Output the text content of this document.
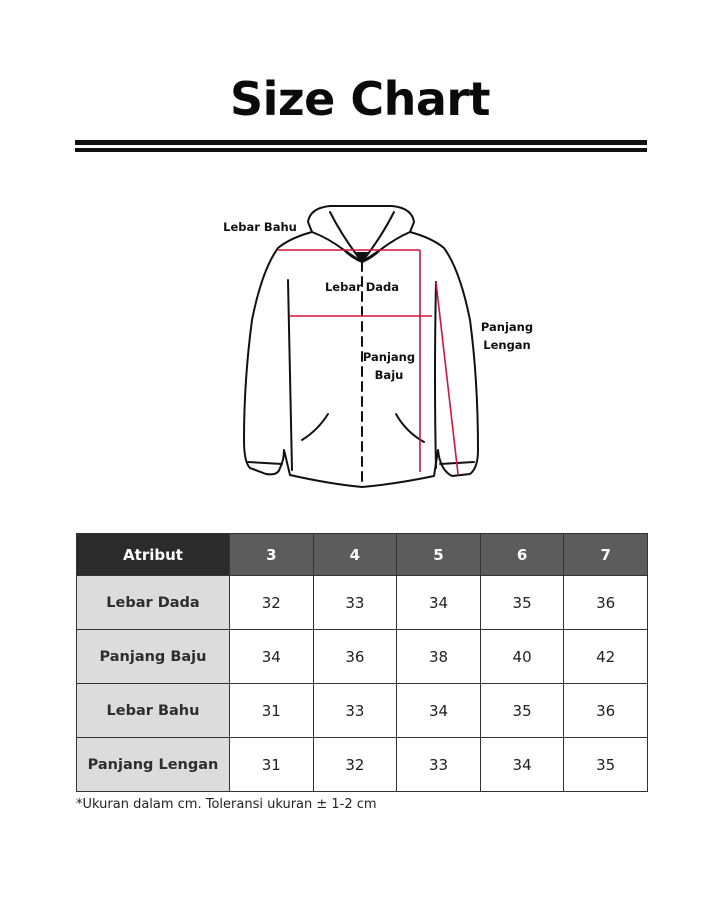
Size Chart
Lebar Bahu
Lebar Dada
Panjang
Baju
Panjang
Lengan
Atribut	3	4	5	6	7
Lebar Dada	32	33	34	35	36
Panjang Baju	34	36	38	40	42
Lebar Bahu	31	33	34	35	36
Panjang Lengan	31	32	33	34	35
*Ukuran dalam cm. Toleransi ukuran ± 1-2 cm
